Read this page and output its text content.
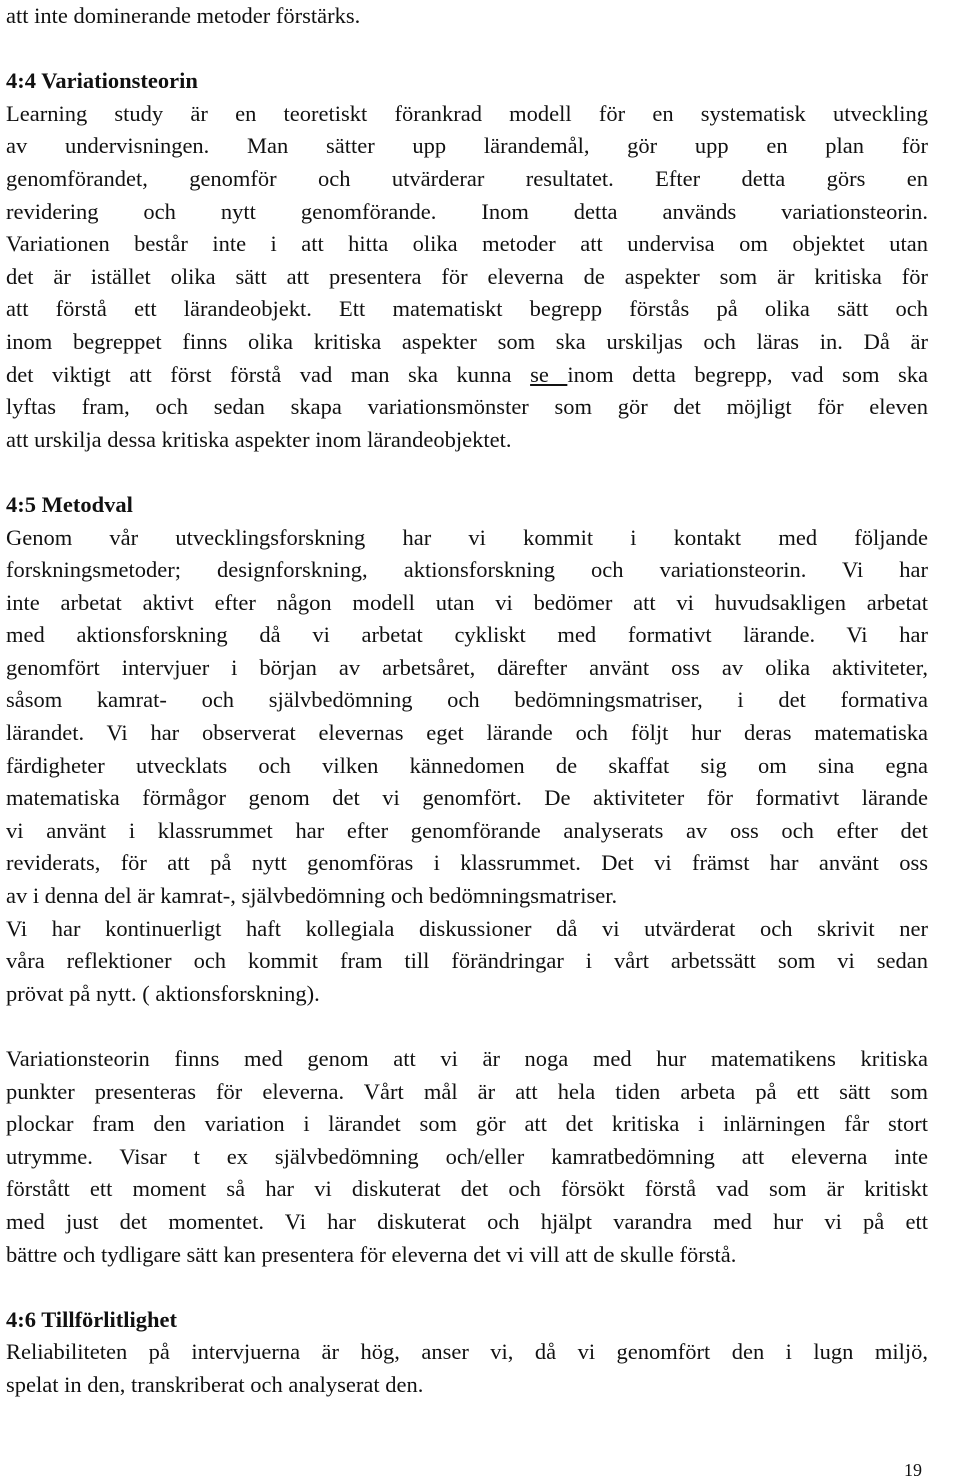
att inte dominerande metoder förstärks.
4:4 Variationsteorin
Learning study är en teoretiskt förankrad modell för en systematisk utveckling
av undervisningen. Man sätter upp lärandemål, gör upp en plan för
genomförandet, genomför och utvärderar resultatet. Efter detta görs en
revidering och nytt genomförande. Inom detta används variationsteorin.
Variationen består inte i att hitta olika metoder att undervisa om objektet utan
det är istället olika sätt att presentera för eleverna de aspekter som är kritiska för
att förstå ett lärandeobjekt. Ett matematiskt begrepp förstås på olika sätt och
inom begreppet finns olika kritiska aspekter som ska urskiljas och läras in. Då är
det viktigt att först förstå vad man ska kunna se inom detta begrepp, vad som ska
lyftas fram, och sedan skapa variationsmönster som gör det möjligt för eleven
att urskilja dessa kritiska aspekter inom lärandeobjektet.
4:5 Metodval
Genom vår utvecklingsforskning har vi kommit i kontakt med följande
forskningsmetoder; designforskning, aktionsforskning och variationsteorin. Vi har
inte arbetat aktivt efter någon modell utan vi bedömer att vi huvudsakligen arbetat
med aktionsforskning då vi arbetat cykliskt med formativt lärande. Vi har
genomfört intervjuer i början av arbetsåret, därefter använt oss av olika aktiviteter,
såsom kamrat- och självbedömning och bedömningsmatriser, i det formativa
lärandet. Vi har observerat elevernas eget lärande och följt hur deras matematiska
färdigheter utvecklats och vilken kännedomen de skaffat sig om sina egna
matematiska förmågor genom det vi genomfört. De aktiviteter för formativt lärande
vi använt i klassrummet har efter genomförande analyserats av oss och efter det
reviderats, för att på nytt genomföras i klassrummet. Det vi främst har använt oss
av i denna del är kamrat-, självbedömning och bedömningsmatriser.
Vi har kontinuerligt haft kollegiala diskussioner då vi utvärderat och skrivit ner
våra reflektioner och kommit fram till förändringar i vårt arbetssätt som vi sedan
prövat på nytt. ( aktionsforskning).
Variationsteorin finns med genom att vi är noga med hur matematikens kritiska
punkter presenteras för eleverna. Vårt mål är att hela tiden arbeta på ett sätt som
plockar fram den variation i lärandet som gör att det kritiska i inlärningen får stort
utrymme. Visar t ex självbedömning och/eller kamratbedömning att eleverna inte
förstått ett moment så har vi diskuterat det och försökt förstå vad som är kritiskt
med just det momentet. Vi har diskuterat och hjälpt varandra med hur vi på ett
bättre och tydligare sätt kan presentera för eleverna det vi vill att de skulle förstå.
4:6 Tillförlitlighet
Reliabiliteten på intervjuerna är hög, anser vi, då vi genomfört den i lugn miljö,
spelat in den, transkriberat och analyserat den.
19
